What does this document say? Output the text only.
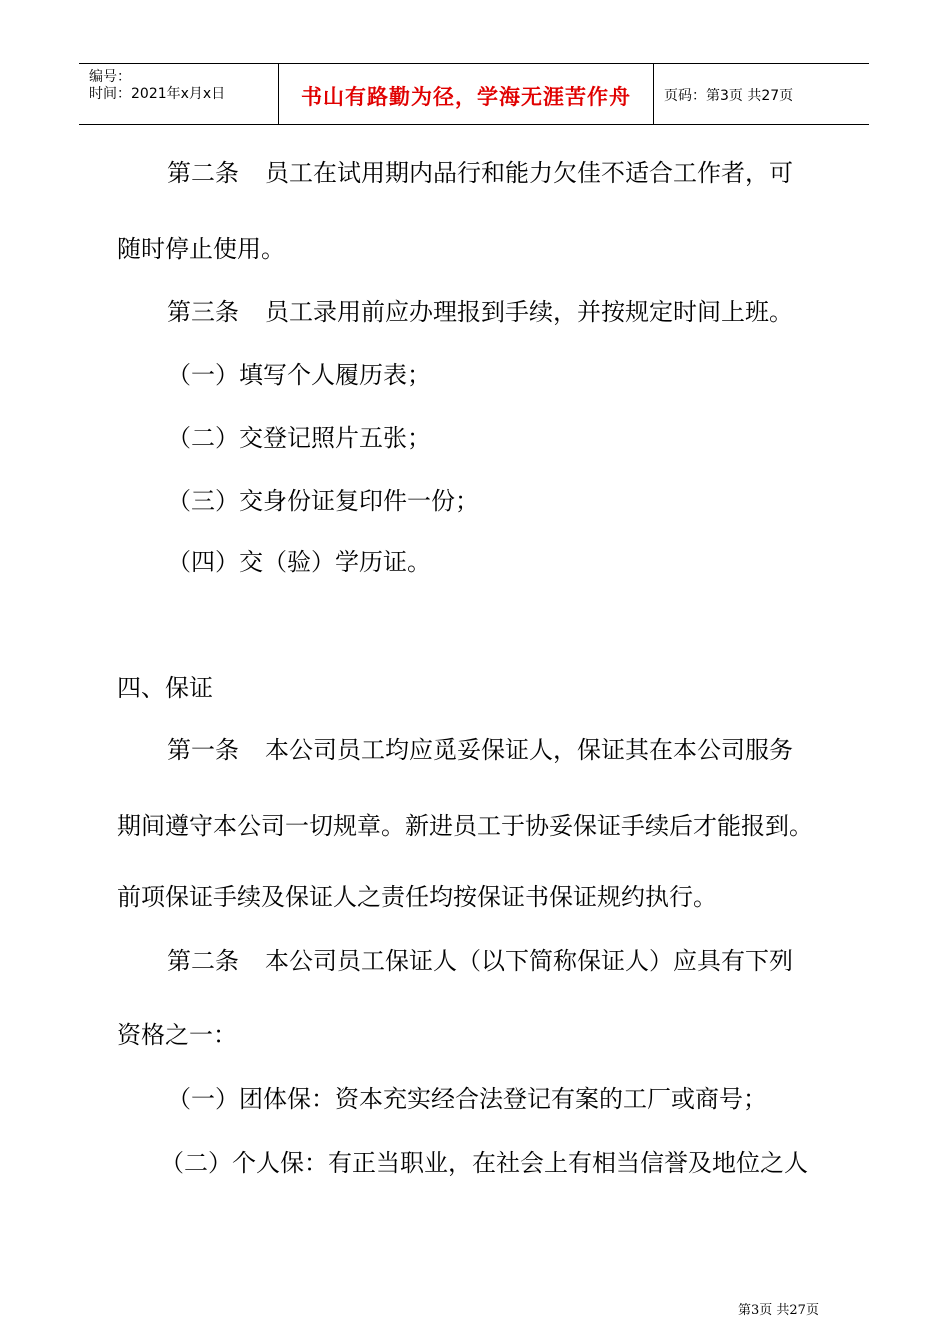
编号：
时间：2021年x月x日	书山有路勤为径，学海无涯苦作舟	页码：第3页 共27页
第二条 员工在试用期内品行和能力欠佳不适合工作者，可
随时停止使用。
第三条 员工录用前应办理报到手续，并按规定时间上班。
（一）填写个人履历表；
（二）交登记照片五张；
（三）交身份证复印件一份；
（四）交（验）学历证。
四、保证
第一条 本公司员工均应觅妥保证人，保证其在本公司服务
期间遵守本公司一切规章。新进员工于协妥保证手续后才能报到。
前项保证手续及保证人之责任均按保证书保证规约执行。
第二条 本公司员工保证人（以下简称保证人）应具有下列
资格之一：
（一）团体保：资本充实经合法登记有案的工厂或商号；
（二）个人保：有正当职业，在社会上有相当信誉及地位之人
第3页 共27页
